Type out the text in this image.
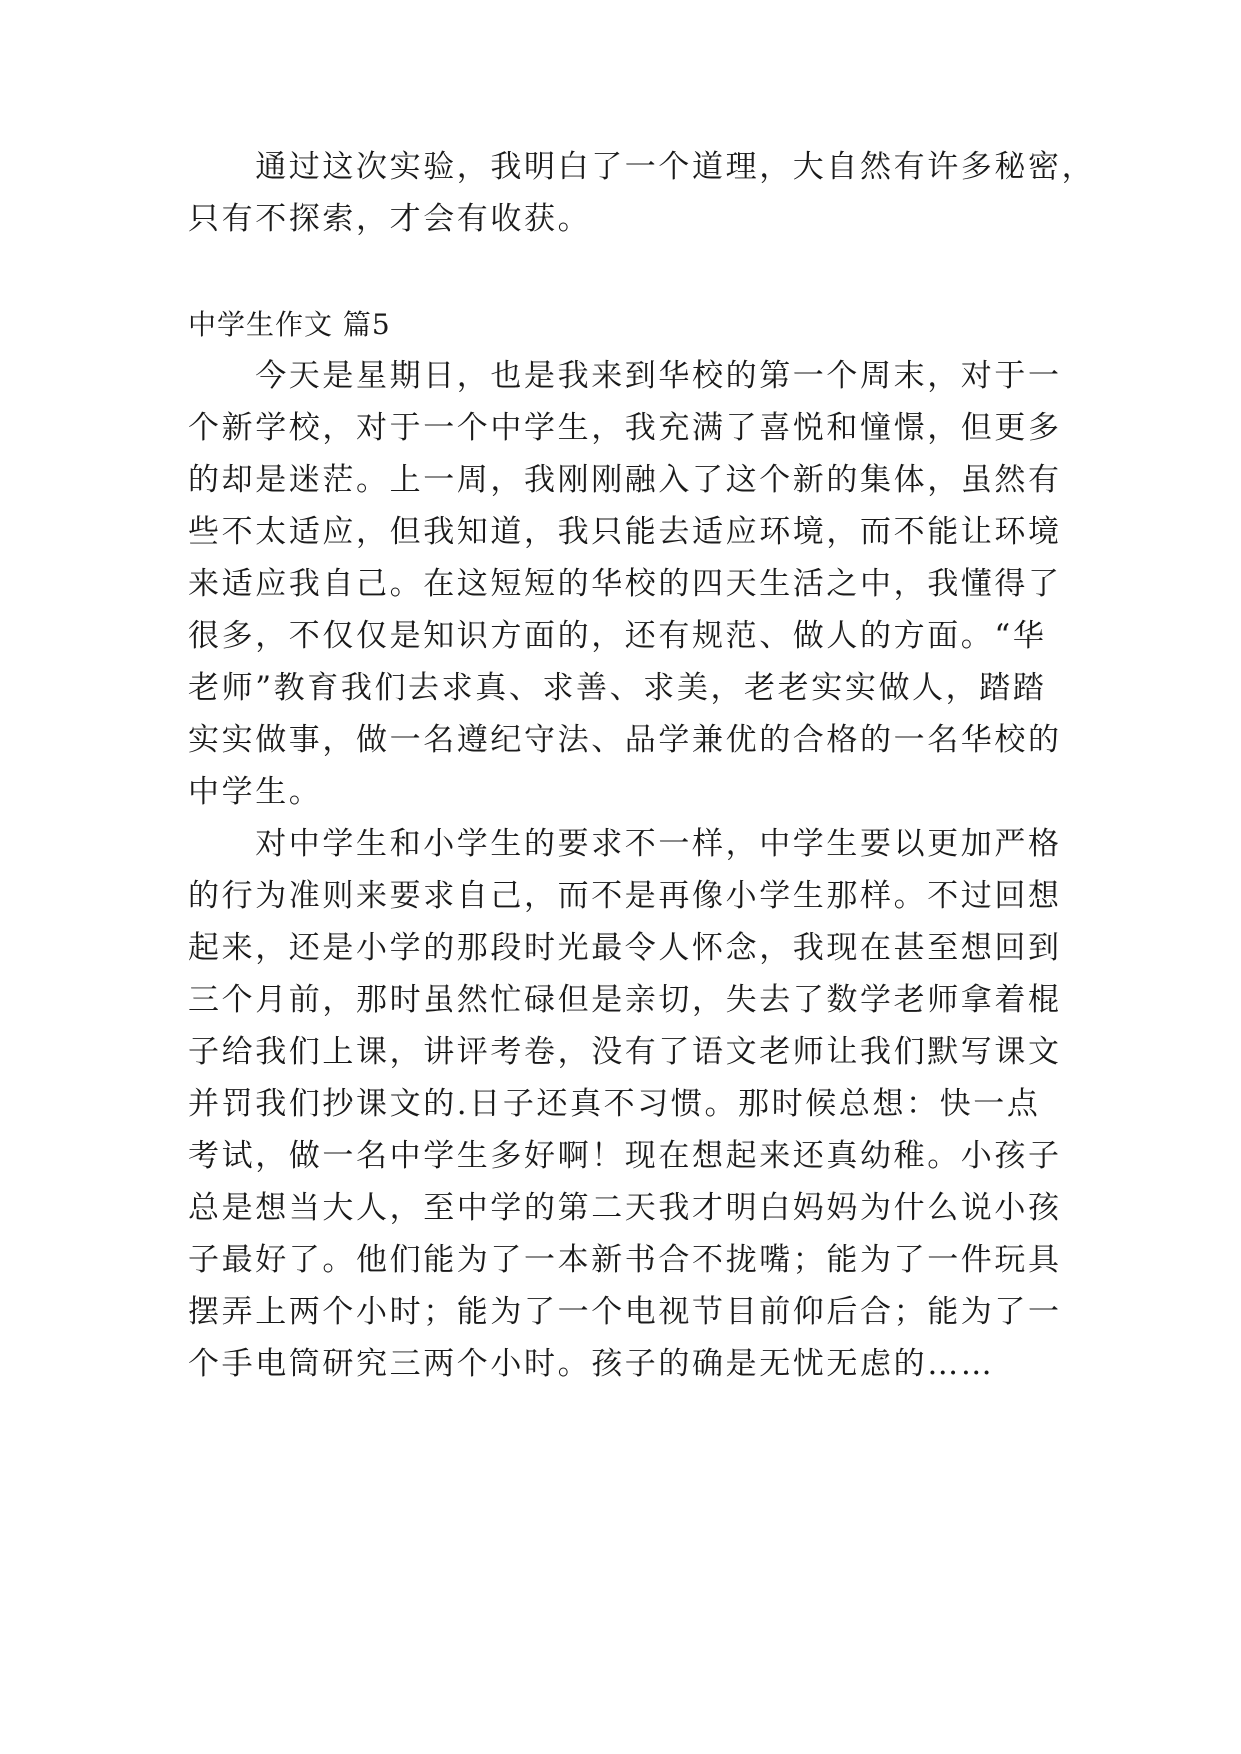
　　通过这次实验，我明白了一个道理，大自然有许多秘密，
只有不探索，才会有收获。
中学生作文 篇5
　　今天是星期日，也是我来到华校的第一个周末，对于一
个新学校，对于一个中学生，我充满了喜悦和憧憬，但更多
的却是迷茫。上一周，我刚刚融入了这个新的集体，虽然有
些不太适应，但我知道，我只能去适应环境，而不能让环境
来适应我自己。在这短短的华校的四天生活之中，我懂得了
很多，不仅仅是知识方面的，还有规范、做人的方面。“华
老师”教育我们去求真、求善、求美，老老实实做人，踏踏
实实做事，做一名遵纪守法、品学兼优的合格的一名华校的
中学生。
　　对中学生和小学生的要求不一样，中学生要以更加严格
的行为准则来要求自己，而不是再像小学生那样。不过回想
起来，还是小学的那段时光最令人怀念，我现在甚至想回到
三个月前，那时虽然忙碌但是亲切，失去了数学老师拿着棍
子给我们上课，讲评考卷，没有了语文老师让我们默写课文
并罚我们抄课文的.日子还真不习惯。那时候总想：快一点
考试，做一名中学生多好啊！现在想起来还真幼稚。小孩子
总是想当大人，至中学的第二天我才明白妈妈为什么说小孩
子最好了。他们能为了一本新书合不拢嘴；能为了一件玩具
摆弄上两个小时；能为了一个电视节目前仰后合；能为了一
个手电筒研究三两个小时。孩子的确是无忧无虑的……
